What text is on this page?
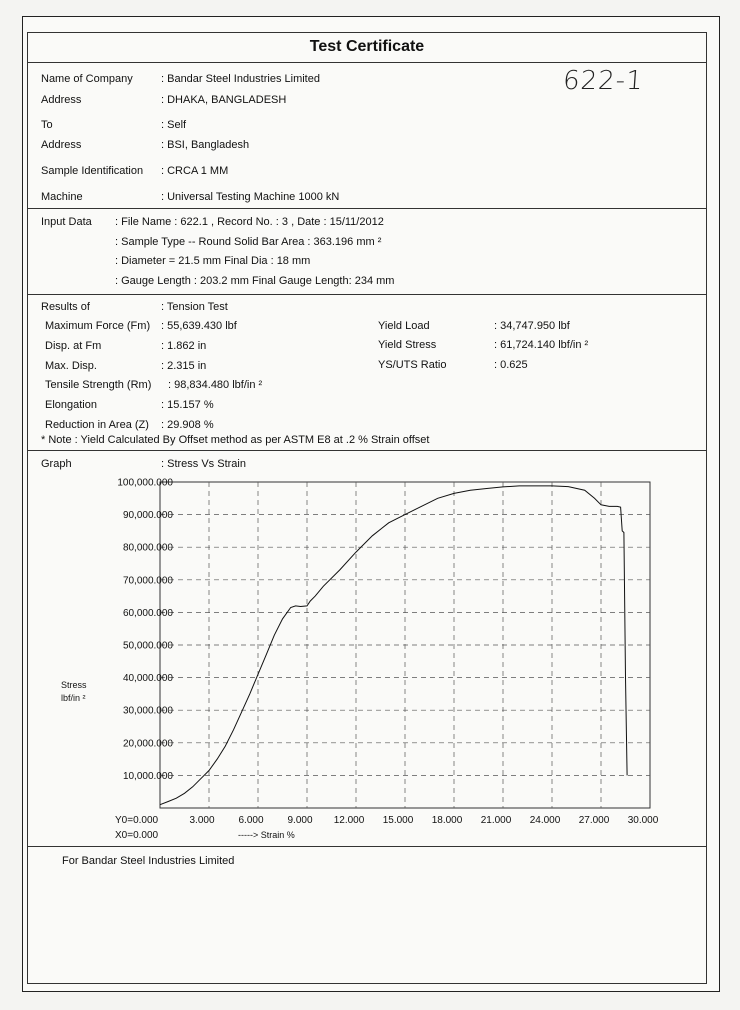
Test Certificate
622-1
Name of Company	: Bandar Steel Industries Limited
Address	: DHAKA, BANGLADESH
To	: Self
Address	: BSI, Bangladesh
Sample Identification : CRCA 1 MM
Machine	: Universal Testing Machine 1000 kN
Input Data : File Name : 622.1 , Record No. : 3 , Date : 15/11/2012
: Sample Type -- Round Solid Bar Area : 363.196 mm ²
: Diameter = 21.5 mm Final Dia : 18 mm
: Gauge Length : 203.2 mm Final Gauge Length: 234 mm
Results of	: Tension Test
Maximum Force (Fm) : 55,639.430 lbf
Disp. at Fm	: 1.862 in
Max. Disp.	: 2.315 in
Tensile Strength (Rm) : 98,834.480 lbf/in ²
Elongation	: 15.157 %
Reduction in Area (Z) : 29.908 %
Yield Load	: 34,747.950 lbf
Yield Stress	: 61,724.140 lbf/in ²
YS/UTS Ratio	: 0.625
* Note : Yield Calculated By Offset method as per ASTM E8 at .2 % Strain offset
Graph	: Stress Vs Strain
Stress
lbf/in ²
Y0=0.000
X0=0.000	-----> Strain %
10,000.000
20,000.000
30,000.000
40,000.000
50,000.000
60,000.000
70,000.000
80,000.000
90,000.000
100,000.000
3.000 6.000 9.000 12.000 15.000 18.000 21.000 24.000 27.000 30.000
For Bandar Steel Industries Limited
